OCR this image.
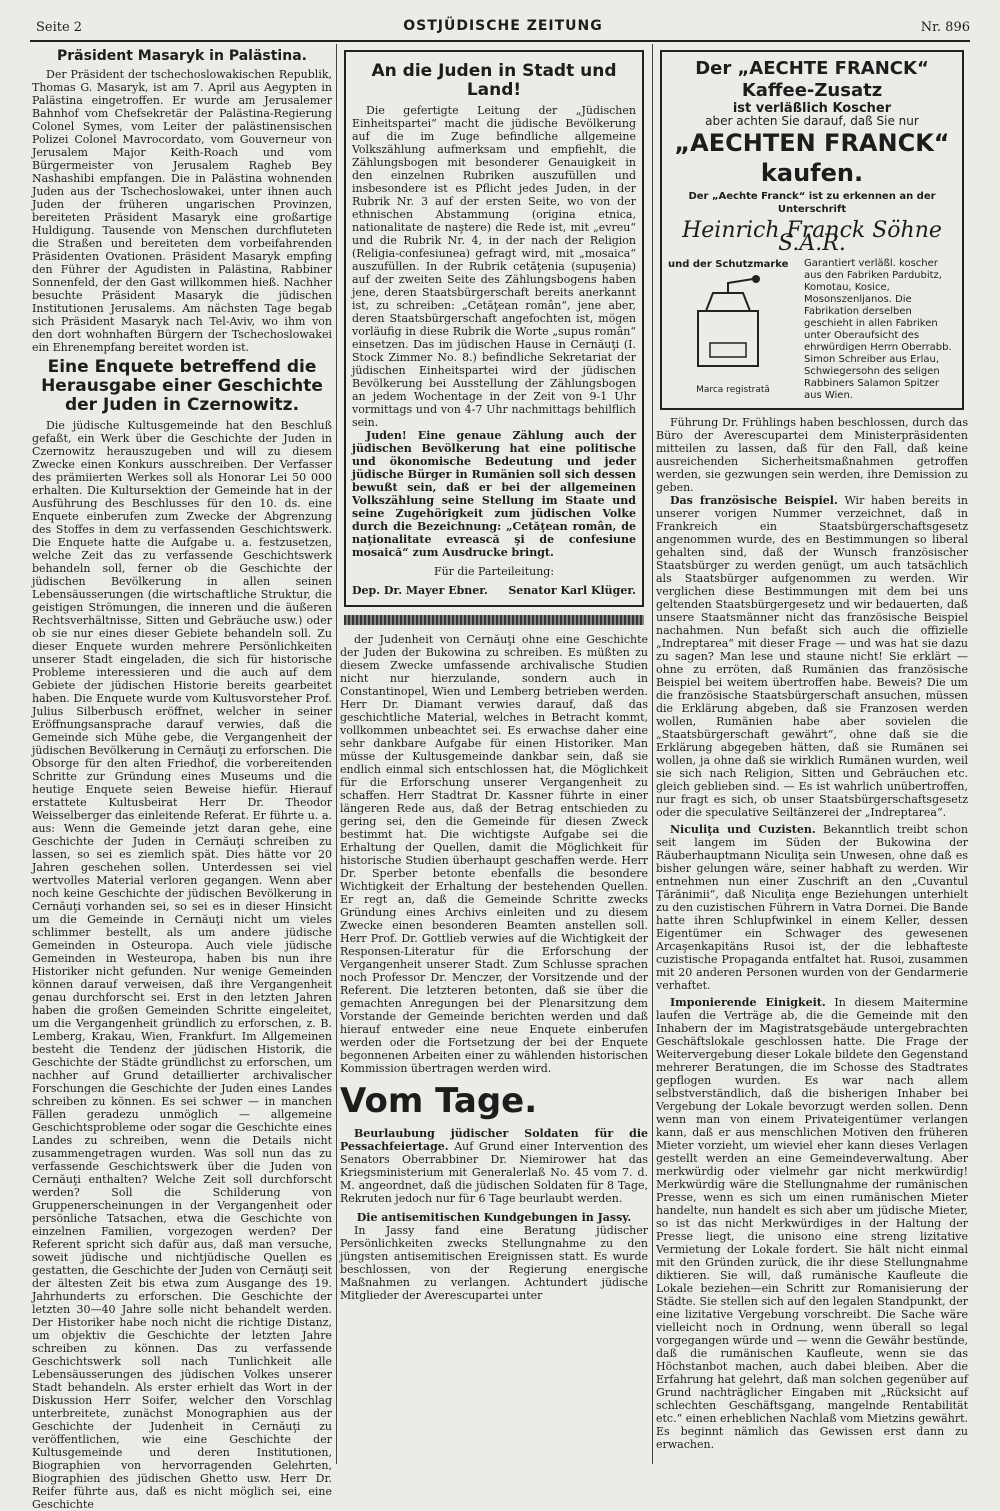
Seite 2	OSTJÜDISCHE ZEITUNG	Nr. 896
Präsident Masaryk in Palästina.

Der Präsident der tschechoslowakischen Republik, Thomas G. Masaryk, ist am 7. April aus Aegypten in Palästina eingetroffen. Er wurde am Jerusalemer Bahnhof vom Chefsekretär der Palästina-Regierung Colonel Symes, vom Leiter der palästinensischen Polizei Colonel Mavrocordato, vom Gouverneur von Jerusalem Major Keith-Roach und vom Bürgermeister von Jerusalem Ragheb Bey Nashashibi empfangen. Die in Palästina wohnenden Juden aus der Tschechoslowakei, unter ihnen auch Juden der früheren ungarischen Provinzen, bereiteten Präsident Masaryk eine großartige Huldigung. Tausende von Menschen durchfluteten die Straßen und bereiteten dem vorbeifahrenden Präsidenten Ovationen. Präsident Masaryk empfing den Führer der Agudisten in Palästina, Rabbiner Sonnenfeld, der den Gast willkommen hieß. Nachher besuchte Präsident Masaryk die jüdischen Institutionen Jerusalems. Am nächsten Tage begab sich Präsident Masaryk nach Tel-Aviv, wo ihm von den dort wohnhaften Bürgern der Tschechoslowakei ein Ehrenempfang bereitet worden ist.

Eine Enquete betreffend die Herausgabe einer Geschichte der Juden in Czernowitz.

Die jüdische Kultusgemeinde hat den Beschluß gefaßt, ein Werk über die Geschichte der Juden in Czernowitz herauszugeben und will zu diesem Zwecke einen Konkurs ausschreiben. Der Verfasser des prämiierten Werkes soll als Honorar Lei 50 000 erhalten. Die Kultursektion der Gemeinde hat in der Ausführung des Beschlusses für den 10. ds. eine Enquete einberufen zum Zwecke der Abgrenzung des Stoffes in dem zu verfassenden Geschichtswerk. Die Enquete hatte die Aufgabe u. a. festzusetzen, welche Zeit das zu verfassende Geschichtswerk behandeln soll, ferner ob die Geschichte der jüdischen Bevölkerung in allen seinen Lebensäusserungen (die wirtschaftliche Struktur, die geistigen Strömungen, die inneren und die äußeren Rechtsverhältnisse, Sitten und Gebräuche usw.) oder ob sie nur eines dieser Gebiete behandeln soll. Zu dieser Enquete wurden mehrere Persönlichkeiten unserer Stadt eingeladen, die sich für historische Probleme interessieren und die auch auf dem Gebiete der jüdischen Historie bereits gearbeitet haben. Die Enquete wurde vom Kultusvorsteher Prof. Julius Silberbusch eröffnet, welcher in seiner Eröffnungsansprache darauf verwies, daß die Gemeinde sich Mühe gebe, die Vergangenheit der jüdischen Bevölkerung in Cernăuţi zu erforschen. Die Obsorge für den alten Friedhof, die vorbereitenden Schritte zur Gründung eines Museums und die heutige Enquete seien Beweise hiefür. Hierauf erstattete Kultusbeirat Herr Dr. Theodor Weisselberger das einleitende Referat. Er führte u. a. aus: Wenn die Gemeinde jetzt daran gehe, eine Geschichte der Juden in Cernăuţi schreiben zu lassen, so sei es ziemlich spät. Dies hätte vor 20 Jahren geschehen sollen. Unterdessen sei viel wertvolles Material verloren gegangen. Wenn aber noch keine Geschichte der jüdischen Bevölkerung in Cernăuţi vorhanden sei, so sei es in dieser Hinsicht um die Gemeinde in Cernăuţi nicht um vieles schlimmer bestellt, als um andere jüdische Gemeinden in Osteuropa. Auch viele jüdische Gemeinden in Westeuropa, haben bis nun ihre Historiker nicht gefunden. Nur wenige Gemeinden können darauf verweisen, daß ihre Vergangenheit genau durchforscht sei. Erst in den letzten Jahren haben die großen Gemeinden Schritte eingeleitet, um die Vergangenheit gründlich zu erforschen, z. B. Lemberg, Krakau, Wien, Frankfurt. Im Allgemeinen besteht die Tendenz der jüdischen Historik, die Geschichte der Städte gründlichst zu erforschen, um nachher auf Grund detaillierter archivalischer Forschungen die Geschichte der Juden eines Landes schreiben zu können. Es sei schwer — in manchen Fällen geradezu unmöglich — allgemeine Geschichtsprobleme oder sogar die Geschichte eines Landes zu schreiben, wenn die Details nicht zusammengetragen wurden. Was soll nun das zu verfassende Geschichtswerk über die Juden von Cernăuţi enthalten? Welche Zeit soll durchforscht werden? Soll die Schilderung von Gruppenerscheinungen in der Vergangenheit oder persönliche Tatsachen, etwa die Geschichte von einzelnen Familien, vorgezogen werden? Der Referent spricht sich dafür aus, daß man versuche, soweit jüdische und nichtjüdische Quellen es gestatten, die Geschichte der Juden von Cernăuţi seit der ältesten Zeit bis etwa zum Ausgange des 19. Jahrhunderts zu erforschen. Die Geschichte der letzten 30—40 Jahre solle nicht behandelt werden. Der Historiker habe noch nicht die richtige Distanz, um objektiv die Geschichte der letzten Jahre schreiben zu können. Das zu verfassende Geschichtswerk soll nach Tunlichkeit alle Lebensäusserungen des jüdischen Volkes unserer Stadt behandeln. Als erster erhielt das Wort in der Diskussion Herr Soifer, welcher den Vorschlag unterbreitete, zunächst Monographien aus der Geschichte der Judenheit in Cernăuţi zu veröffentlichen, wie eine Geschichte der Kultusgemeinde und deren Institutionen, Biographien von hervorragenden Gelehrten, Biographien des jüdischen Ghetto usw. Herr Dr. Reifer führte aus, daß es nicht möglich sei, eine Geschichte

An die Juden in Stadt und Land!

Die gefertigte Leitung der „Jüdischen Einheitspartei“ macht die jüdische Bevölkerung auf die im Zuge befindliche allgemeine Volkszählung aufmerksam und empfiehlt, die Zählungsbogen mit besonderer Genauigkeit in den einzelnen Rubriken auszufüllen und insbesondere ist es Pflicht jedes Juden, in der Rubrik Nr. 3 auf der ersten Seite, wo von der ethnischen Abstammung (origina etnica, nationalitate de naştere) die Rede ist, mit „evreu“ und die Rubrik Nr. 4, in der nach der Religion (Religia-confesiunea) gefragt wird, mit „mosaica“ auszufüllen. In der Rubrik cetăţenia (supuşenia) auf der zweiten Seite des Zählungsbogens haben jene, deren Staatsbürgerschaft bereits anerkannt ist, zu schreiben: „Cetăţean român“, jene aber, deren Staatsbürgerschaft angefochten ist, mögen vorläufig in diese Rubrik die Worte „supus român“ einsetzen. Das im jüdischen Hause in Cernăuţi (I. Stock Zimmer No. 8.) befindliche Sekretariat der jüdischen Einheitspartei wird der jüdischen Bevölkerung bei Ausstellung der Zählungsbogen an jedem Wochentage in der Zeit von 9-1 Uhr vormittags und von 4-7 Uhr nachmittags behilflich sein.

Juden! Eine genaue Zählung auch der jüdischen Bevölkerung hat eine politische und ökonomische Bedeutung und jeder jüdische Bürger in Rumänien soll sich dessen bewußt sein, daß er bei der allgemeinen Volkszählung seine Stellung im Staate und seine Zugehörigkeit zum jüdischen Volke durch die Bezeichnung: „Cetăţean român, de naţionalitate evrească şi de confesiune mosaică“ zum Ausdrucke bringt.

Für die Parteileitung:
Dep. Dr. Mayer Ebner. Senator Karl Klüger.

der Judenheit von Cernăuţi ohne eine Geschichte der Juden der Bukowina zu schreiben. Es müßten zu diesem Zwecke umfassende archivalische Studien nicht nur hierzulande, sondern auch in Constantinopel, Wien und Lemberg betrieben werden. Herr Dr. Diamant verwies darauf, daß das geschichtliche Material, welches in Betracht kommt, vollkommen unbeachtet sei. Es erwachse daher eine sehr dankbare Aufgabe für einen Historiker. Man müsse der Kultusgemeinde dankbar sein, daß sie endlich einmal sich entschlossen hat, die Möglichkeit für die Erforschung unserer Vergangenheit zu schaffen. Herr Stadtrat Dr. Kassner führte in einer längeren Rede aus, daß der Betrag entschieden zu gering sei, den die Gemeinde für diesen Zweck bestimmt hat. Die wichtigste Aufgabe sei die Erhaltung der Quellen, damit die Möglichkeit für historische Studien überhaupt geschaffen werde. Herr Dr. Sperber betonte ebenfalls die besondere Wichtigkeit der Erhaltung der bestehenden Quellen. Er regt an, daß die Gemeinde Schritte zwecks Gründung eines Archivs einleiten und zu diesem Zwecke einen besonderen Beamten anstellen soll. Herr Prof. Dr. Gottlieb verwies auf die Wichtigkeit der Responsen-Literatur für die Erforschung der Vergangenheit unserer Stadt. Zum Schlusse sprachen noch Professor Dr. Menczer, der Vorsitzende und der Referent. Die letzteren betonten, daß sie über die gemachten Anregungen bei der Plenarsitzung dem Vorstande der Gemeinde berichten werden und daß hierauf entweder eine neue Enquete einberufen werden oder die Fortsetzung der bei der Enquete begonnenen Arbeiten einer zu wählenden historischen Kommission übertragen werden wird.

Vom Tage.

Beurlaubung jüdischer Soldaten für die Pessachfeiertage. Auf Grund einer Intervention des Senators Oberrabbiner Dr. Niemirower hat das Kriegsministerium mit Generalerlaß No. 45 vom 7. d. M. angeordnet, daß die jüdischen Soldaten für 8 Tage, Rekruten jedoch nur für 6 Tage beurlaubt werden.

Die antisemitischen Kundgebungen in Jassy.

In Jassy fand eine Beratung jüdischer Persönlichkeiten zwecks Stellungnahme zu den jüngsten antisemitischen Ereignissen statt. Es wurde beschlossen, von der Regierung energische Maßnahmen zu verlangen. Achtundert jüdische Mitglieder der Averescupartei unter

Der „AECHTE FRANCK“ Kaffee-Zusatz
ist verläßlich Koscher
aber achten Sie darauf, daß Sie nur
„AECHTEN FRANCK“ kaufen.
Der „Aechte Franck“ ist zu erkennen an der Unterschrift
Heinrich Franck Söhne S.A.R.
und der Schutzmarke
Marca registrată
Garantiert verläßl. koscher aus den Fabriken Pardubitz, Komotau, Kosice, Mosonszenljanos. Die Fabrikation derselben geschieht in allen Fabriken unter Oberaufsicht des ehrwürdigen Herrn Oberrabb. Simon Schreiber aus Erlau, Schwiegersohn des seligen Rabbiners Salamon Spitzer aus Wien.

Führung Dr. Frühlings haben beschlossen, durch das Büro der Averescupartei dem Ministerpräsidenten mitteilen zu lassen, daß für den Fall, daß keine ausreichenden Sicherheitsmaßnahmen getroffen werden, sie gezwungen sein werden, ihre Demission zu geben.

Das französische Beispiel. Wir haben bereits in unserer vorigen Nummer verzeichnet, daß in Frankreich ein Staatsbürgerschaftsgesetz angenommen wurde, des en Bestimmungen so liberal gehalten sind, daß der Wunsch französischer Staatsbürger zu werden genügt, um auch tatsächlich als Staatsbürger aufgenommen zu werden. Wir verglichen diese Bestimmungen mit dem bei uns geltenden Staatsbürgergesetz und wir bedauerten, daß unsere Staatsmänner nicht das französische Beispiel nachahmen. Nun befaßt sich auch die offizielle „Indreptarea“ mit dieser Frage — und was hat sie dazu zu sagen? Man lese und staune nicht! Sie erklärt — ohne zu erröten, daß Rumänien das französische Beispiel bei weitem übertroffen habe. Beweis? Die um die französische Staatsbürgerschaft ansuchen, müssen die Erklärung abgeben, daß sie Franzosen werden wollen, Rumänien habe aber sovielen die „Staatsbürgerschaft gewährt“, ohne daß sie die Erklärung abgegeben hätten, daß sie Rumänen sei wollen, ja ohne daß sie wirklich Rumänen wurden, weil sie sich nach Religion, Sitten und Gebräuchen etc. gleich geblieben sind. — Es ist wahrlich unübertroffen, nur fragt es sich, ob unser Staatsbürgerschaftsgesetz oder die speculative Seiltänzerei der „Indreptarea“.

Niculiţa und Cuzisten. Bekanntlich treibt schon seit langem im Süden der Bukowina der Räuberhauptmann Niculiţa sein Unwesen, ohne daß es bisher gelungen wäre, seiner habhaft zu werden. Wir entnehmen nun einer Zuschrift an den „Cuvantul Ţărănimii“, daß Niculiţa enge Beziehungen unterhielt zu den cuzistischen Führern in Vatra Dornei. Die Bande hatte ihren Schlupfwinkel in einem Keller, dessen Eigentümer ein Schwager des gewesenen Arcaşenkapitäns Rusoi ist, der die lebhafteste cuzistische Propaganda entfaltet hat. Rusoi, zusammen mit 20 anderen Personen wurden von der Gendarmerie verhaftet.

Imponierende Einigkeit. In diesem Maitermine laufen die Verträge ab, die die Gemeinde mit den Inhabern der im Magistratsgebäude untergebrachten Geschäftslokale geschlossen hatte. Die Frage der Weitervergebung dieser Lokale bildete den Gegenstand mehrerer Beratungen, die im Schosse des Stadtrates gepflogen wurden. Es war nach allem selbstverständlich, daß die bisherigen Inhaber bei Vergebung der Lokale bevorzugt werden sollen. Denn wenn man von einem Privateigentümer verlangen kann, daß er aus menschlichen Motiven den früheren Mieter vorzieht, um wieviel eher kann dieses Verlagen gestellt werden an eine Gemeindeverwaltung. Aber merkwürdig oder vielmehr gar nicht merkwürdig! Merkwürdig wäre die Stellungnahme der rumänischen Presse, wenn es sich um einen rumänischen Mieter handelte, nun handelt es sich aber um jüdische Mieter, so ist das nicht Merkwürdiges in der Haltung der Presse liegt, die unisono eine streng lizitative Vermietung der Lokale fordert. Sie hält nicht einmal mit den Gründen zurück, die ihr diese Stellungnahme diktieren. Sie will, daß rumänische Kaufleute die Lokale beziehen—ein Schritt zur Romanisierung der Städte. Sie stellen sich auf den legalen Standpunkt, der eine lizitative Vergebung vorschreibt. Die Sache wäre vielleicht noch in Ordnung, wenn überall so legal vorgegangen würde und — wenn die Gewähr bestünde, daß die rumänischen Kaufleute, wenn sie das Höchstanbot machen, auch dabei bleiben. Aber die Erfahrung hat gelehrt, daß man solchen gegenüber auf Grund nachträglicher Eingaben mit „Rücksicht auf schlechten Geschäftsgang, mangelnde Rentabilität etc.“ einen erheblichen Nachlaß vom Mietzins gewährt. Es beginnt nämlich das Gewissen erst dann zu erwachen.
